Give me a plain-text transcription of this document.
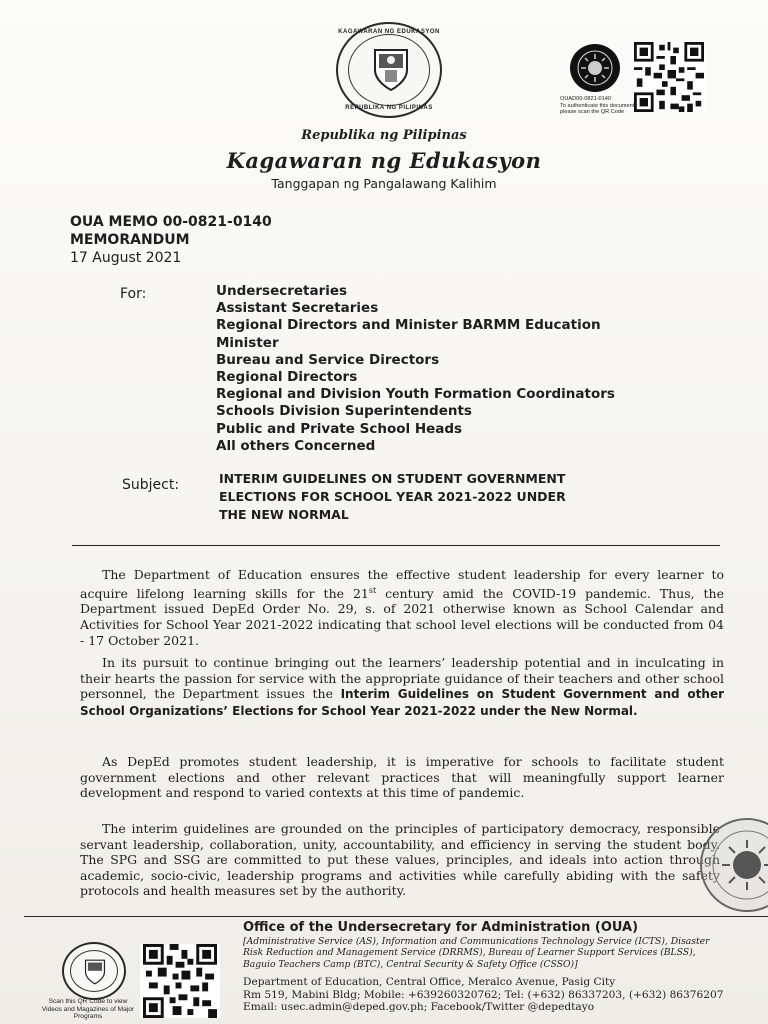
KAGAWARAN NG EDUKASYON
REPUBLIKA NG PILIPINAS
OUAD00-0821-0140
To authenticate this document, please scan the QR Code
Republika ng Pilipinas
Kagawaran ng Edukasyon
Tanggapan ng Pangalawang Kalihim
OUA MEMO 00-0821-0140
MEMORANDUM
17 August 2021
For:	Undersecretaries
Assistant Secretaries
Regional Directors and Minister BARMM Education
Minister
Bureau and Service Directors
Regional Directors
Regional and Division Youth Formation Coordinators
Schools Division Superintendents
Public and Private School Heads
All others Concerned
Subject:	INTERIM GUIDELINES ON STUDENT GOVERNMENT
ELECTIONS FOR SCHOOL YEAR 2021-2022 UNDER
THE NEW NORMAL
The Department of Education ensures the effective student leadership for every learner to acquire lifelong learning skills for the 21st century amid the COVID-19 pandemic. Thus, the Department issued DepEd Order No. 29, s. of 2021 otherwise known as School Calendar and Activities for School Year 2021-2022 indicating that school level elections will be conducted from 04 - 17 October 2021.
In its pursuit to continue bringing out the learners’ leadership potential and in inculcating in their hearts the passion for service with the appropriate guidance of their teachers and other school personnel, the Department issues the Interim Guidelines on Student Government and other School Organizations’ Elections for School Year 2021-2022 under the New Normal.
As DepEd promotes student leadership, it is imperative for schools to facilitate student government elections and other relevant practices that will meaningfully support learner development and respond to varied contexts at this time of pandemic.
The interim guidelines are grounded on the principles of participatory democracy, responsible servant leadership, collaboration, unity, accountability, and efficiency in serving the student body. The SPG and SSG are committed to put these values, principles, and ideals into action through academic, socio-civic, leadership programs and activities while carefully abiding with the safety protocols and health measures set by the authority.
Scan this QR Code to view Videos and Magazines of Major Programs
Office of the Undersecretary for Administration (OUA)
[Administrative Service (AS), Information and Communications Technology Service (ICTS), Disaster Risk Reduction and Management Service (DRRMS), Bureau of Learner Support Services (BLSS), Baguio Teachers Camp (BTC), Central Security & Safety Office (CSSO)]
Department of Education, Central Office, Meralco Avenue, Pasig City
Rm 519, Mabini Bldg; Mobile: +639260320762; Tel: (+632) 86337203, (+632) 86376207
Email: usec.admin@deped.gov.ph; Facebook/Twitter @depedtayo
